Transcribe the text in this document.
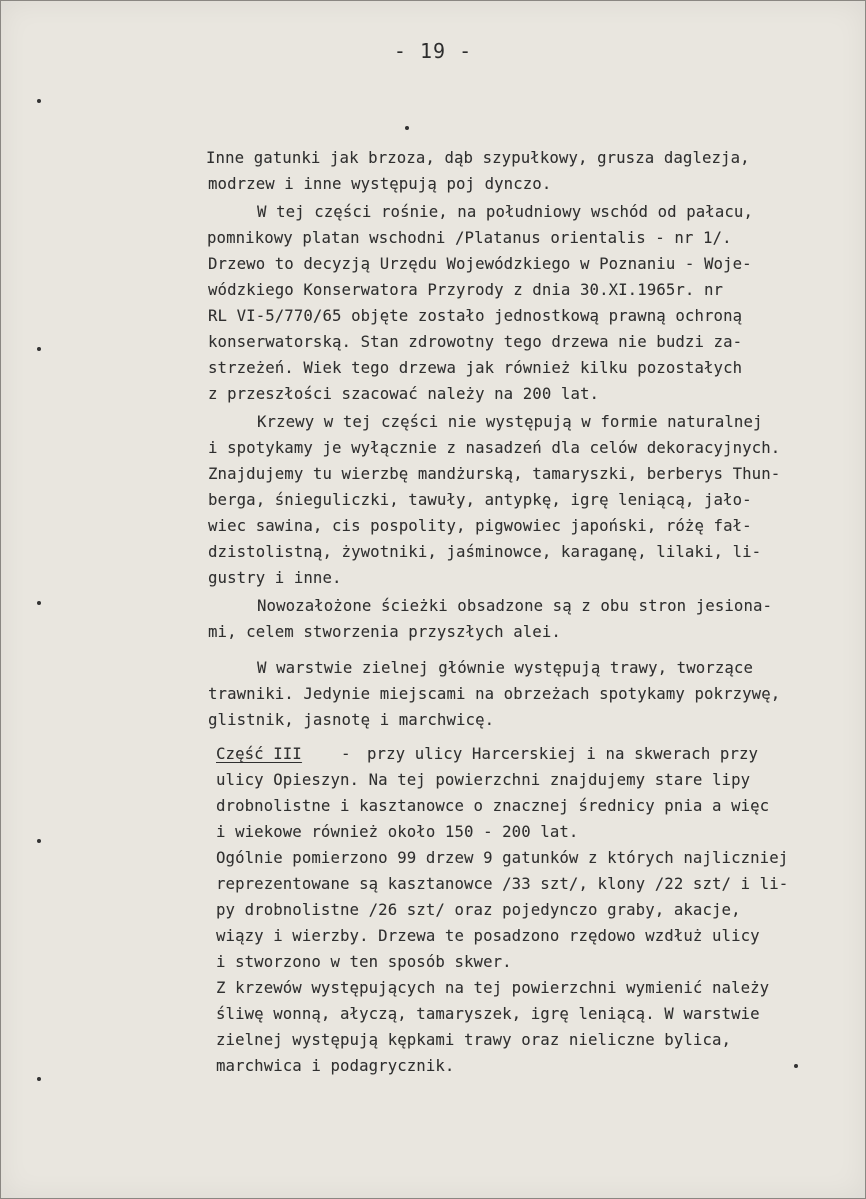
- 19 -
Inne gatunki jak brzoza, dąb szypułkowy, grusza daglezja,
modrzew i inne występują poj dynczo.
W tej części rośnie, na południowy wschód od pałacu,
pomnikowy platan wschodni /Platanus orientalis - nr 1/.
Drzewo to decyzją Urzędu Wojewódzkiego w Poznaniu - Woje-
wódzkiego Konserwatora Przyrody z dnia 30.XI.1965r. nr
RL VI-5/770/65 objęte zostało jednostkową prawną ochroną
konserwatorską. Stan zdrowotny tego drzewa nie budzi za-
strzeżeń. Wiek tego drzewa jak również kilku pozostałych
z przeszłości szacować należy na 200 lat.
Krzewy w tej części nie występują w formie naturalnej
i spotykamy je wyłącznie z nasadzeń dla celów dekoracyjnych.
Znajdujemy tu wierzbę mandżurską, tamaryszki, berberys Thun-
berga, śnieguliczki, tawuły, antypkę, igrę leniącą, jało-
wiec sawina, cis pospolity, pigwowiec japoński, różę fał-
dzistolistną, żywotniki, jaśminowce, karaganę, lilaki, li-
gustry i inne.
Nowozałożone ścieżki obsadzone są z obu stron jesiona-
mi, celem stworzenia przyszłych alei.
W warstwie zielnej głównie występują trawy, tworzące
trawniki. Jedynie miejscami na obrzeżach spotykamy pokrzywę,
glistnik, jasnotę i marchwicę.
Część III	- przy ulicy Harcerskiej i na skwerach przy
ulicy Opieszyn. Na tej powierzchni znajdujemy stare lipy
drobnolistne i kasztanowce o znacznej średnicy pnia a więc
i wiekowe również około 150 - 200 lat.
Ogólnie pomierzono 99 drzew 9 gatunków z których najliczniej
reprezentowane są kasztanowce /33 szt/, klony /22 szt/ i li-
py drobnolistne /26 szt/ oraz pojedynczo graby, akacje,
wiązy i wierzby. Drzewa te posadzono rzędowo wzdłuż ulicy
i stworzono w ten sposób skwer.
Z krzewów występujących na tej powierzchni wymienić należy
śliwę wonną, ałyczą, tamaryszek, igrę leniącą. W warstwie
zielnej występują kępkami trawy oraz nieliczne bylica,
marchwica i podagrycznik.
